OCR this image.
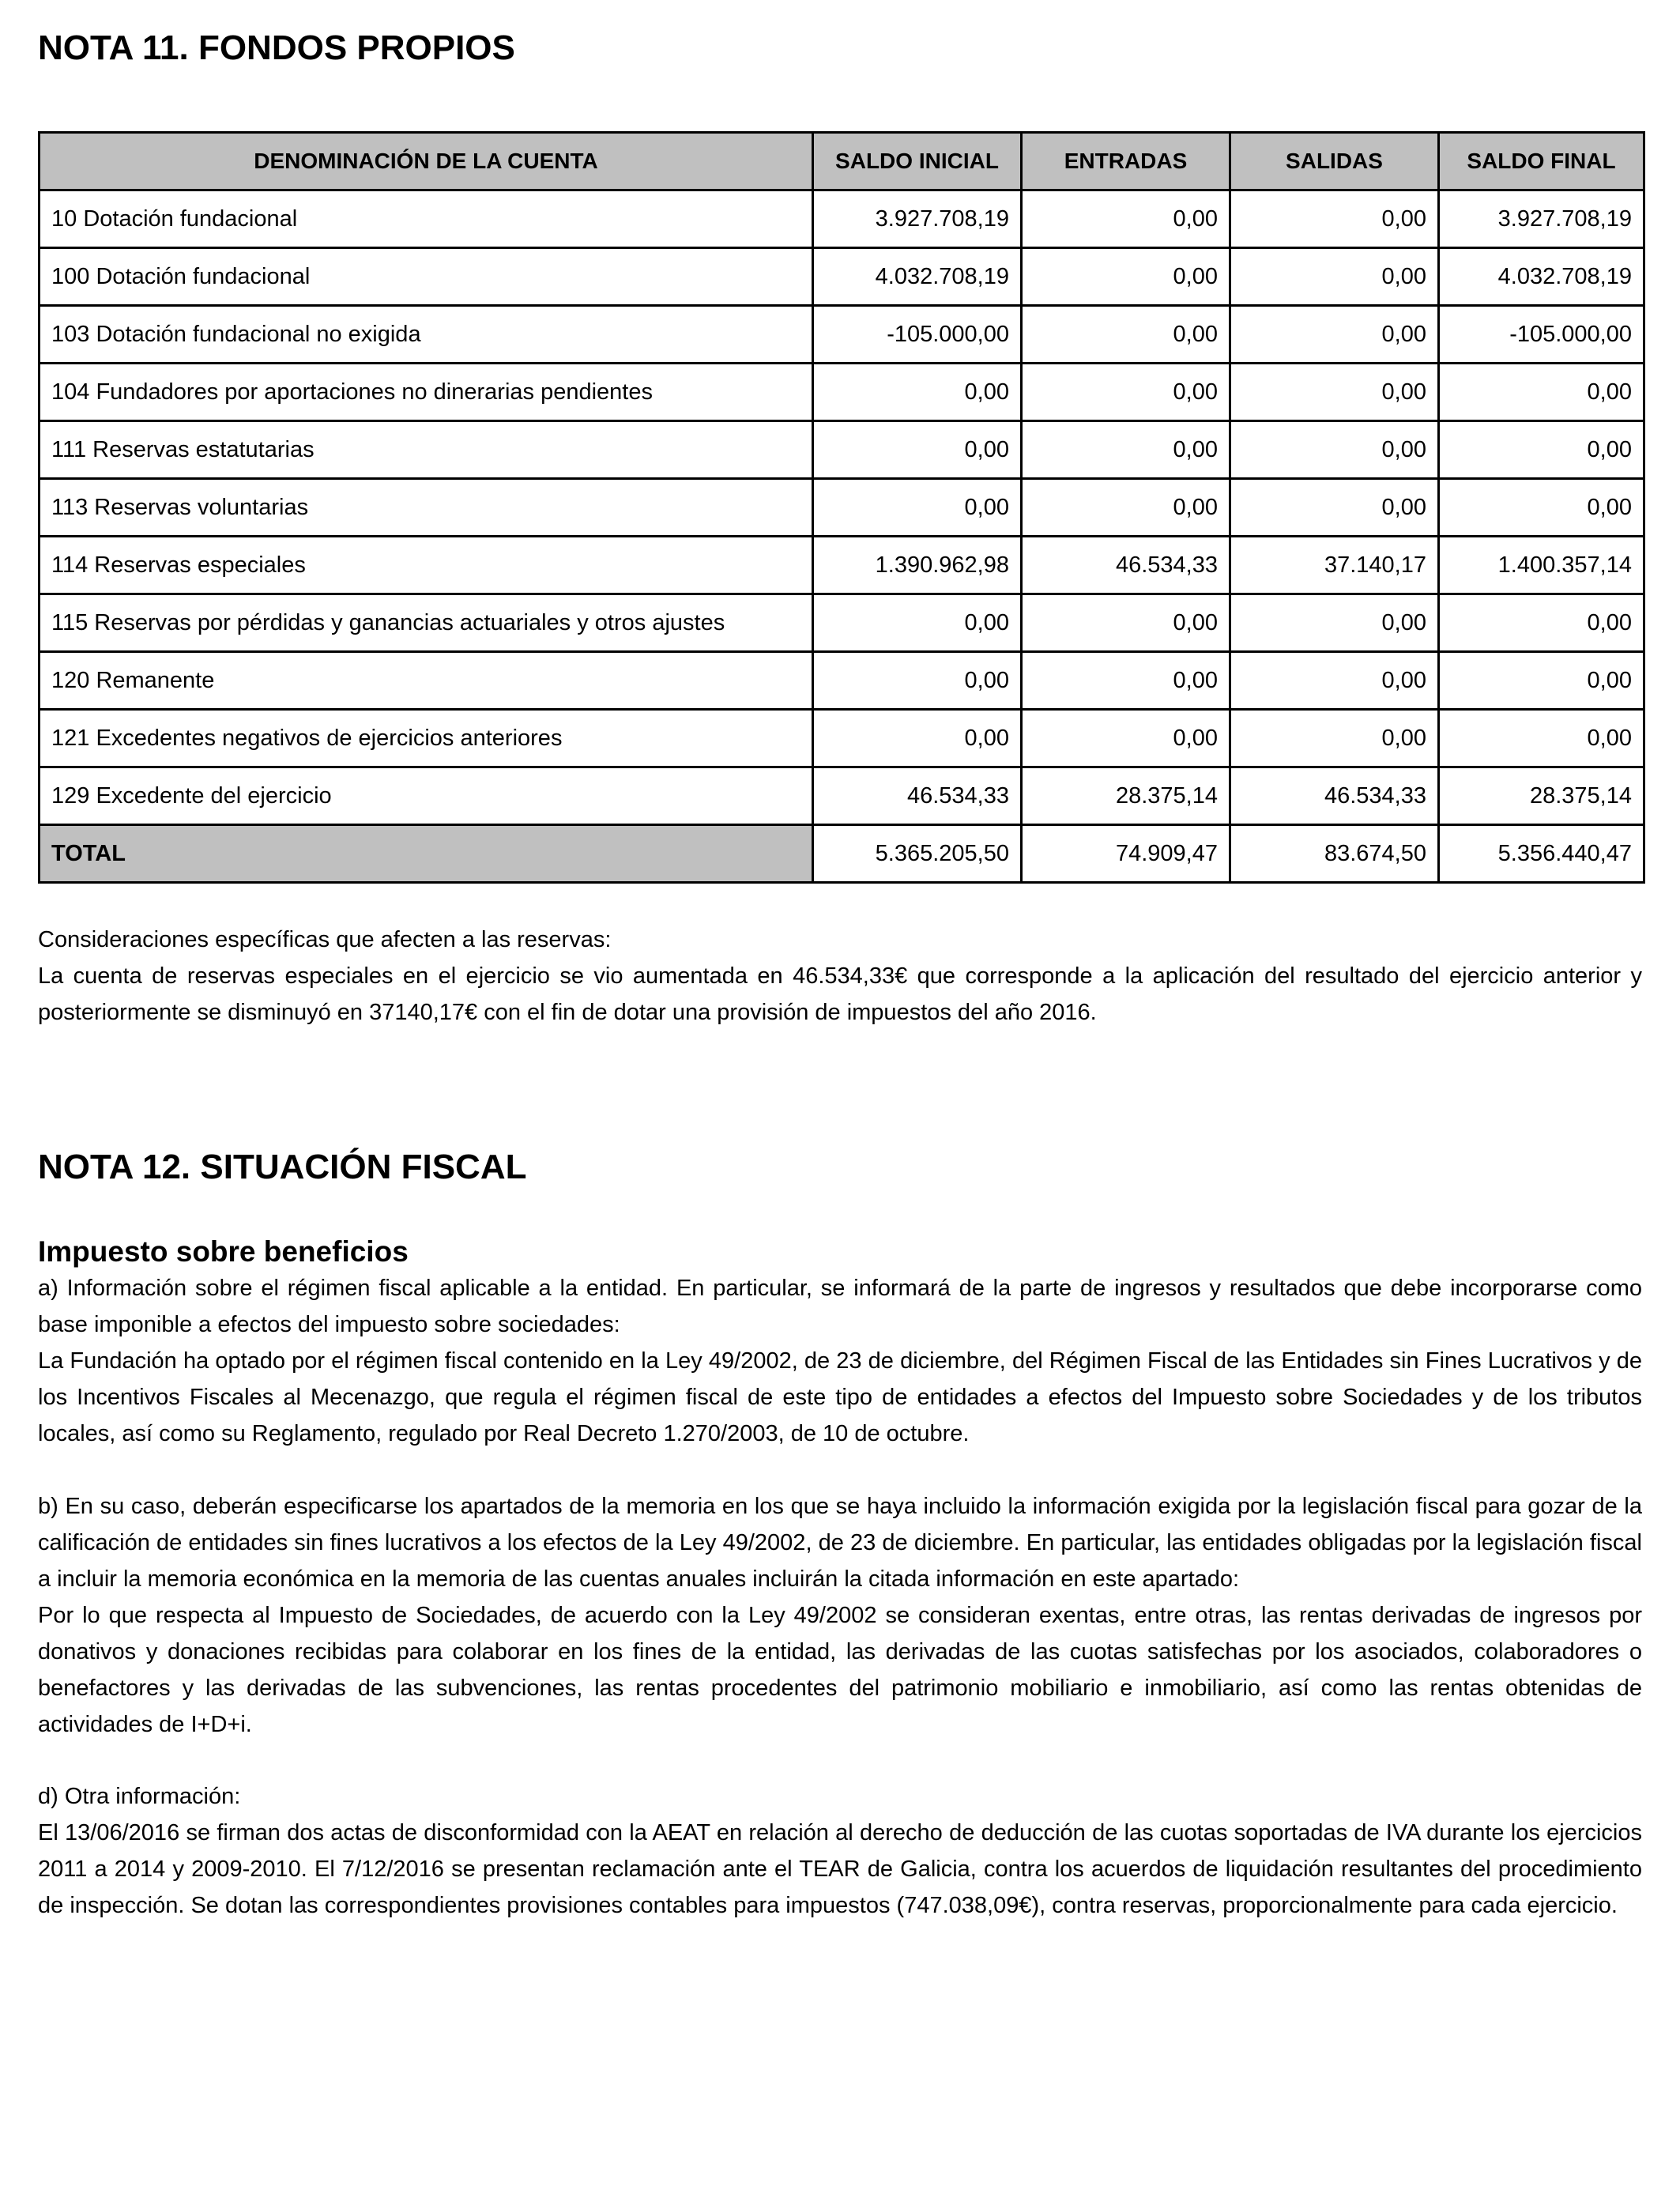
NOTA 11. FONDOS PROPIOS
DENOMINACIÓN DE LA CUENTA	SALDO INICIAL	ENTRADAS	SALIDAS	SALDO FINAL
10 Dotación fundacional	3.927.708,19	0,00	0,00	3.927.708,19
100 Dotación fundacional	4.032.708,19	0,00	0,00	4.032.708,19
103 Dotación fundacional no exigida	-105.000,00	0,00	0,00	-105.000,00
104 Fundadores por aportaciones no dinerarias pendientes	0,00	0,00	0,00	0,00
111 Reservas estatutarias	0,00	0,00	0,00	0,00
113 Reservas voluntarias	0,00	0,00	0,00	0,00
114 Reservas especiales	1.390.962,98	46.534,33	37.140,17	1.400.357,14
115 Reservas por pérdidas y ganancias actuariales y otros ajustes	0,00	0,00	0,00	0,00
120 Remanente	0,00	0,00	0,00	0,00
121 Excedentes negativos de ejercicios anteriores	0,00	0,00	0,00	0,00
129 Excedente del ejercicio	46.534,33	28.375,14	46.534,33	28.375,14
TOTAL	5.365.205,50	74.909,47	83.674,50	5.356.440,47

Consideraciones específicas que afecten a las reservas:

La cuenta de reservas especiales en el ejercicio se vio aumentada en 46.534,33€ que corresponde a la aplicación del resultado del ejercicio anterior y posteriormente se disminuyó en 37140,17€ con el fin de dotar una provisión de impuestos del año 2016.

NOTA 12. SITUACIÓN FISCAL
Impuesto sobre beneficios

a) Información sobre el régimen fiscal aplicable a la entidad. En particular, se informará de la parte de ingresos y resultados que debe incorporarse como base imponible a efectos del impuesto sobre sociedades:

La Fundación ha optado por el régimen fiscal contenido en la Ley 49/2002, de 23 de diciembre, del Régimen Fiscal de las Entidades sin Fines Lucrativos y de los Incentivos Fiscales al Mecenazgo, que regula el régimen fiscal de este tipo de entidades a efectos del Impuesto sobre Sociedades y de los tributos locales, así como su Reglamento, regulado por Real Decreto 1.270/2003, de 10 de octubre.

b) En su caso, deberán especificarse los apartados de la memoria en los que se haya incluido la información exigida por la legislación fiscal para gozar de la calificación de entidades sin fines lucrativos a los efectos de la Ley 49/2002, de 23 de diciembre. En particular, las entidades obligadas por la legislación fiscal a incluir la memoria económica en la memoria de las cuentas anuales incluirán la citada información en este apartado:

Por lo que respecta al Impuesto de Sociedades, de acuerdo con la Ley 49/2002 se consideran exentas, entre otras, las rentas derivadas de ingresos por donativos y donaciones recibidas para colaborar en los fines de la entidad, las derivadas de las cuotas satisfechas por los asociados, colaboradores o benefactores y las derivadas de las subvenciones, las rentas procedentes del patrimonio mobiliario e inmobiliario, así como las rentas obtenidas de actividades de I+D+i.

d) Otra información:

El 13/06/2016 se firman dos actas de disconformidad con la AEAT en relación al derecho de deducción de las cuotas soportadas de IVA durante los ejercicios 2011 a 2014 y 2009-2010. El 7/12/2016 se presentan reclamación ante el TEAR de Galicia, contra los acuerdos de liquidación resultantes del procedimiento de inspección. Se dotan las correspondientes provisiones contables para impuestos (747.038,09€), contra reservas, proporcionalmente para cada ejercicio.
